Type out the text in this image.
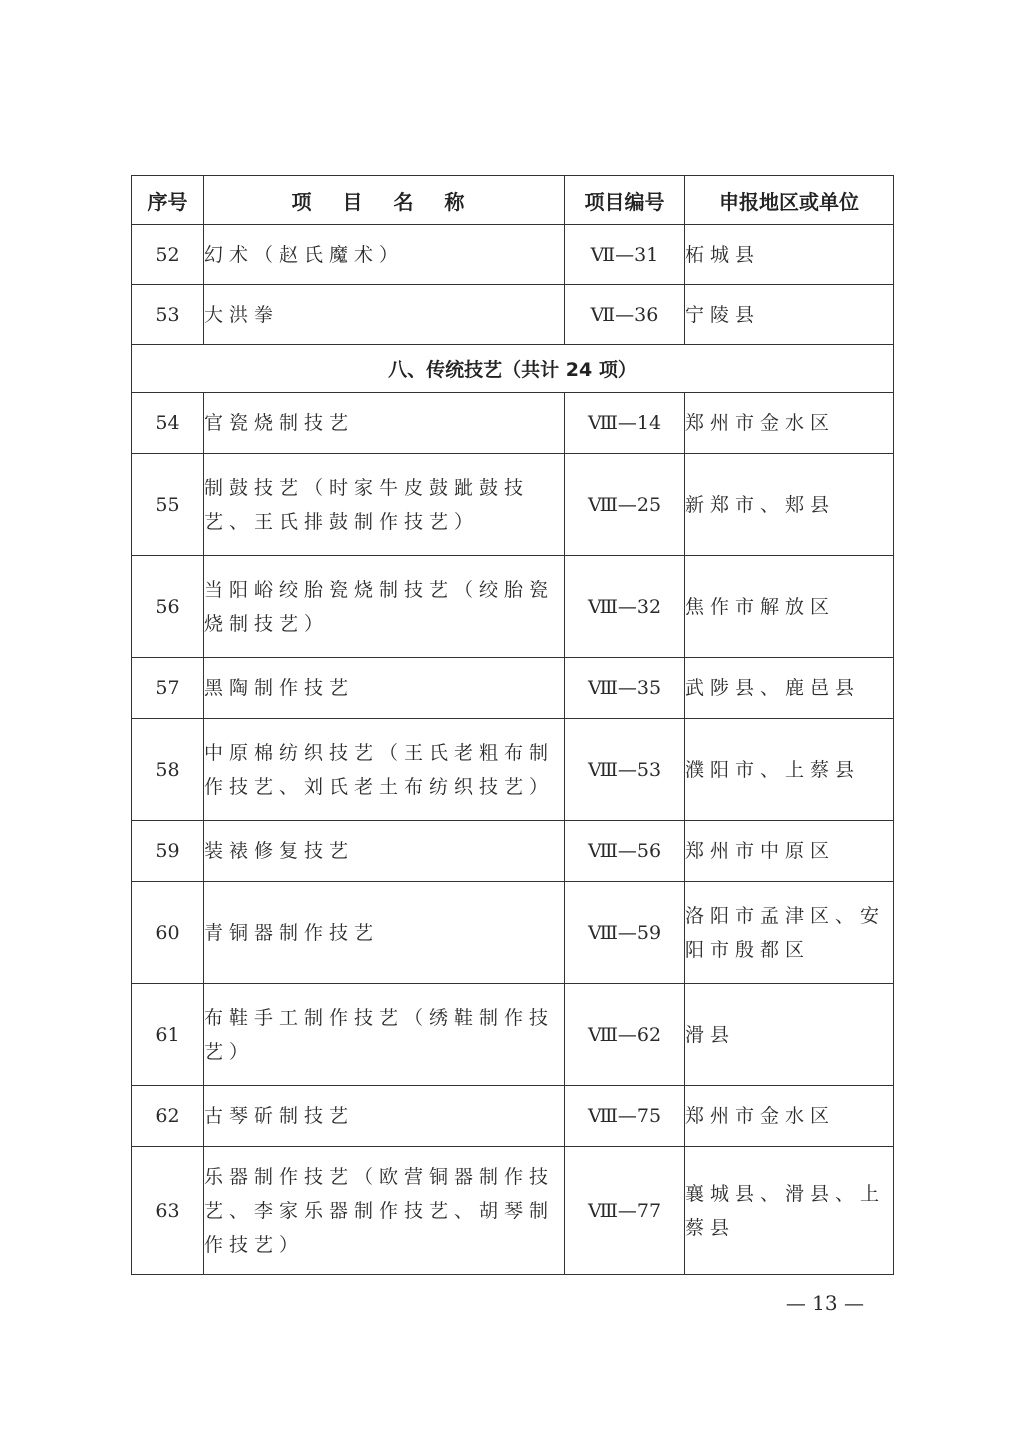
序号	项 目 名 称	项目编号	申报地区或单位
52	幻术（赵氏魔术）	Ⅶ—31	柘城县
53	大洪拳	Ⅶ—36	宁陵县
八、传统技艺（共计 24 项）			
54	官瓷烧制技艺	Ⅷ—14	郑州市金水区
55	制鼓技艺（时家牛皮鼓跐鼓技艺、王氏排鼓制作技艺）	Ⅷ—25	新郑市、郏县
56	当阳峪绞胎瓷烧制技艺（绞胎瓷烧制技艺）	Ⅷ—32	焦作市解放区
57	黑陶制作技艺	Ⅷ—35	武陟县、鹿邑县
58	中原棉纺织技艺（王氏老粗布制作技艺、刘氏老土布纺织技艺）	Ⅷ—53	濮阳市、上蔡县
59	装裱修复技艺	Ⅷ—56	郑州市中原区
60	青铜器制作技艺	Ⅷ—59	洛阳市孟津区、安阳市殷都区
61	布鞋手工制作技艺（绣鞋制作技艺）	Ⅷ—62	滑县
62	古琴斫制技艺	Ⅷ—75	郑州市金水区
63	乐器制作技艺（欧营铜器制作技艺、李家乐器制作技艺、胡琴制作技艺）	Ⅷ—77	襄城县、滑县、上蔡县
— 13 —
